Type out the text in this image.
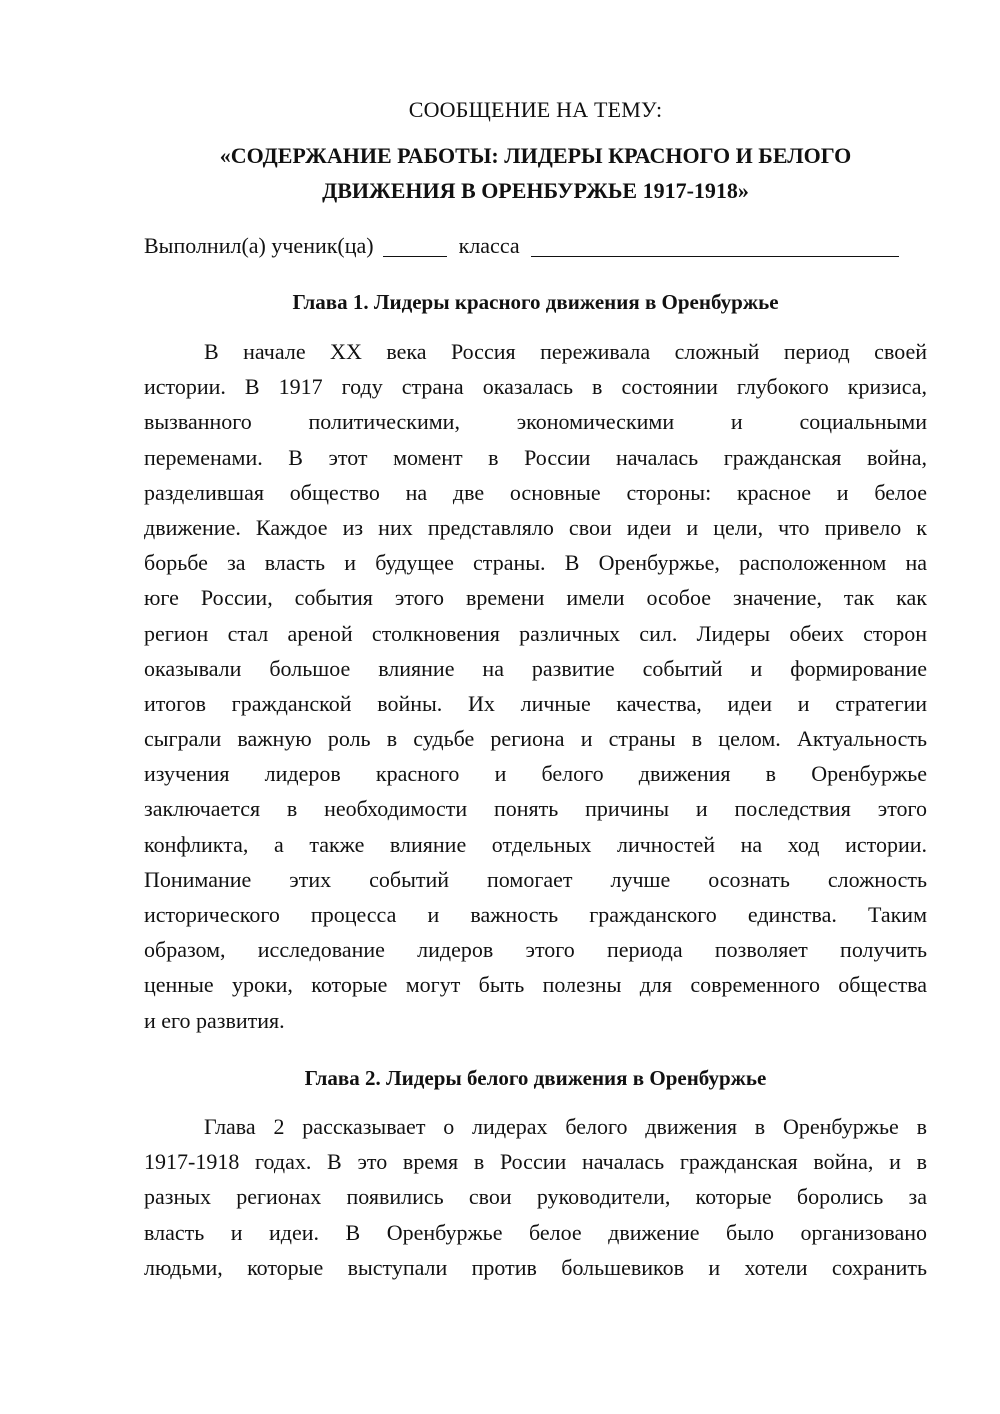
СООБЩЕНИЕ НА ТЕМУ:
«СОДЕРЖАНИЕ РАБОТЫ: ЛИДЕРЫ КРАСНОГО И БЕЛОГО
ДВИЖЕНИЯ В ОРЕНБУРЖЬЕ 1917-1918»
Выполнил(а) ученик(ца)	класса
Глава 1. Лидеры красного движения в Оренбуржье
В начале XX века Россия переживала сложный период своей
истории. В 1917 году страна оказалась в состоянии глубокого кризиса,
вызванного политическими, экономическими и социальными
переменами. В этот момент в России началась гражданская война,
разделившая общество на две основные стороны: красное и белое
движение. Каждое из них представляло свои идеи и цели, что привело к
борьбе за власть и будущее страны. В Оренбуржье, расположенном на
юге России, события этого времени имели особое значение, так как
регион стал ареной столкновения различных сил. Лидеры обеих сторон
оказывали большое влияние на развитие событий и формирование
итогов гражданской войны. Их личные качества, идеи и стратегии
сыграли важную роль в судьбе региона и страны в целом. Актуальность
изучения лидеров красного и белого движения в Оренбуржье
заключается в необходимости понять причины и последствия этого
конфликта, а также влияние отдельных личностей на ход истории.
Понимание этих событий помогает лучше осознать сложность
исторического процесса и важность гражданского единства. Таким
образом, исследование лидеров этого периода позволяет получить
ценные уроки, которые могут быть полезны для современного общества
и его развития.
Глава 2. Лидеры белого движения в Оренбуржье
Глава 2 рассказывает о лидерах белого движения в Оренбуржье в
1917-1918 годах. В это время в России началась гражданская война, и в
разных регионах появились свои руководители, которые боролись за
власть и идеи. В Оренбуржье белое движение было организовано
людьми, которые выступали против большевиков и хотели сохранить
